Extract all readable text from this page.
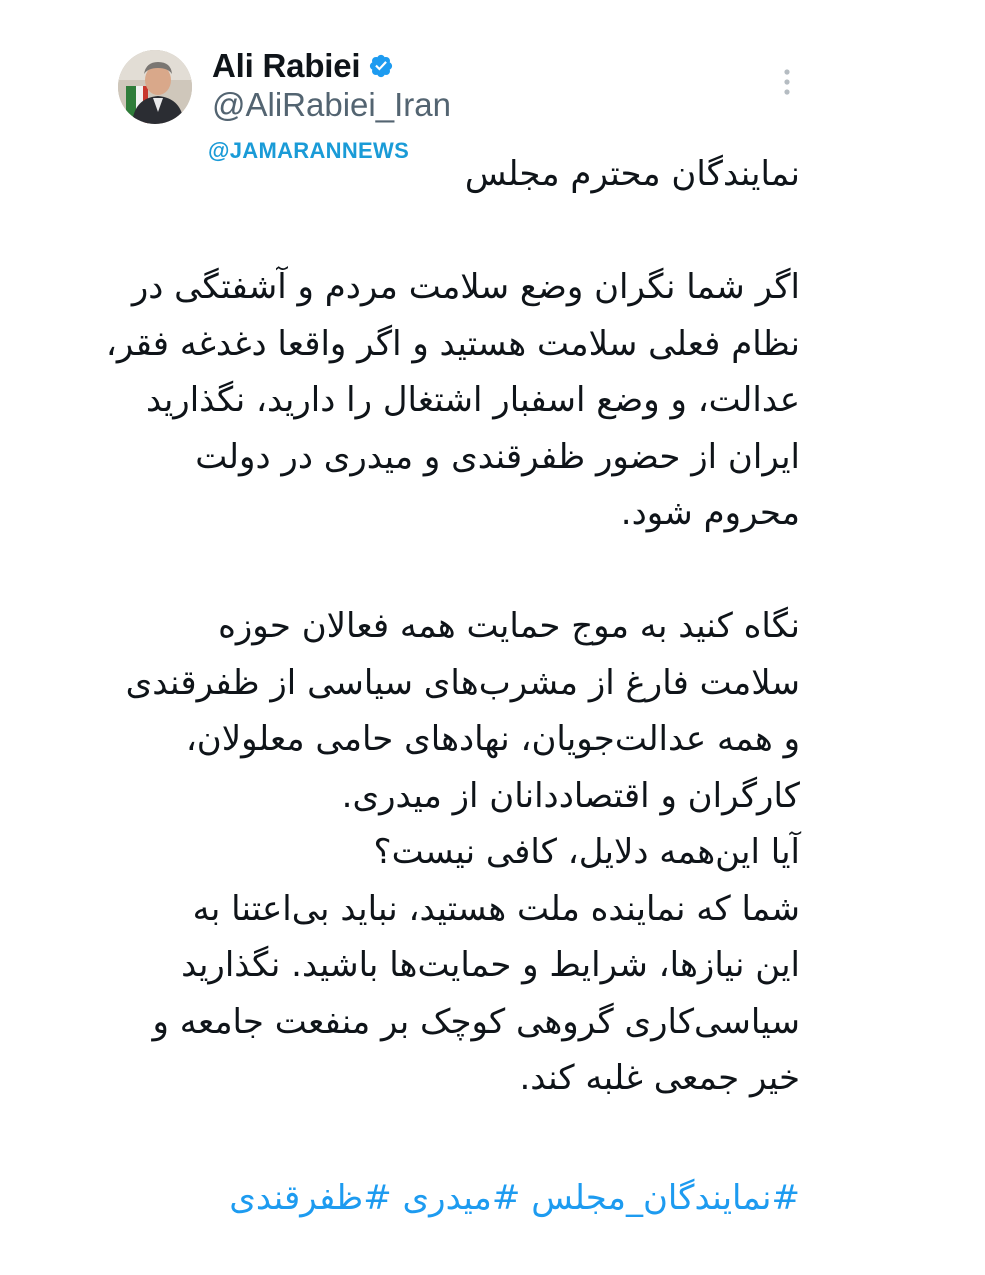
Ali Rabiei
@AliRabiei_Iran
@JAMARANNEWS

نمایندگان محترم مجلس

اگر شما نگران وضع سلامت مردم و آشفتگی در
نظام فعلی سلامت هستید و اگر واقعا دغدغه فقر،
عدالت، و وضع اسفبار اشتغال را دارید، نگذارید
ایران از حضور ظفرقندی و میدری در دولت
محروم شود.

نگاه کنید به موج حمایت همه فعالان حوزه
سلامت فارغ از مشرب‌های سیاسی از ظفرقندی
و همه عدالت‌جویان، نهادهای حامی معلولان،
کارگران و اقتصاددانان از میدری.
آیا این‌همه دلایل، کافی نیست؟
شما که نماینده ملت هستید، نباید بی‌اعتنا به
این نیازها، شرایط و حمایت‌ها باشید. نگذارید
سیاسی‌کاری گروهی کوچک بر منفعت جامعه و
خیر جمعی غلبه کند.

#نمایندگان_مجلس #میدری #ظفرقندی
